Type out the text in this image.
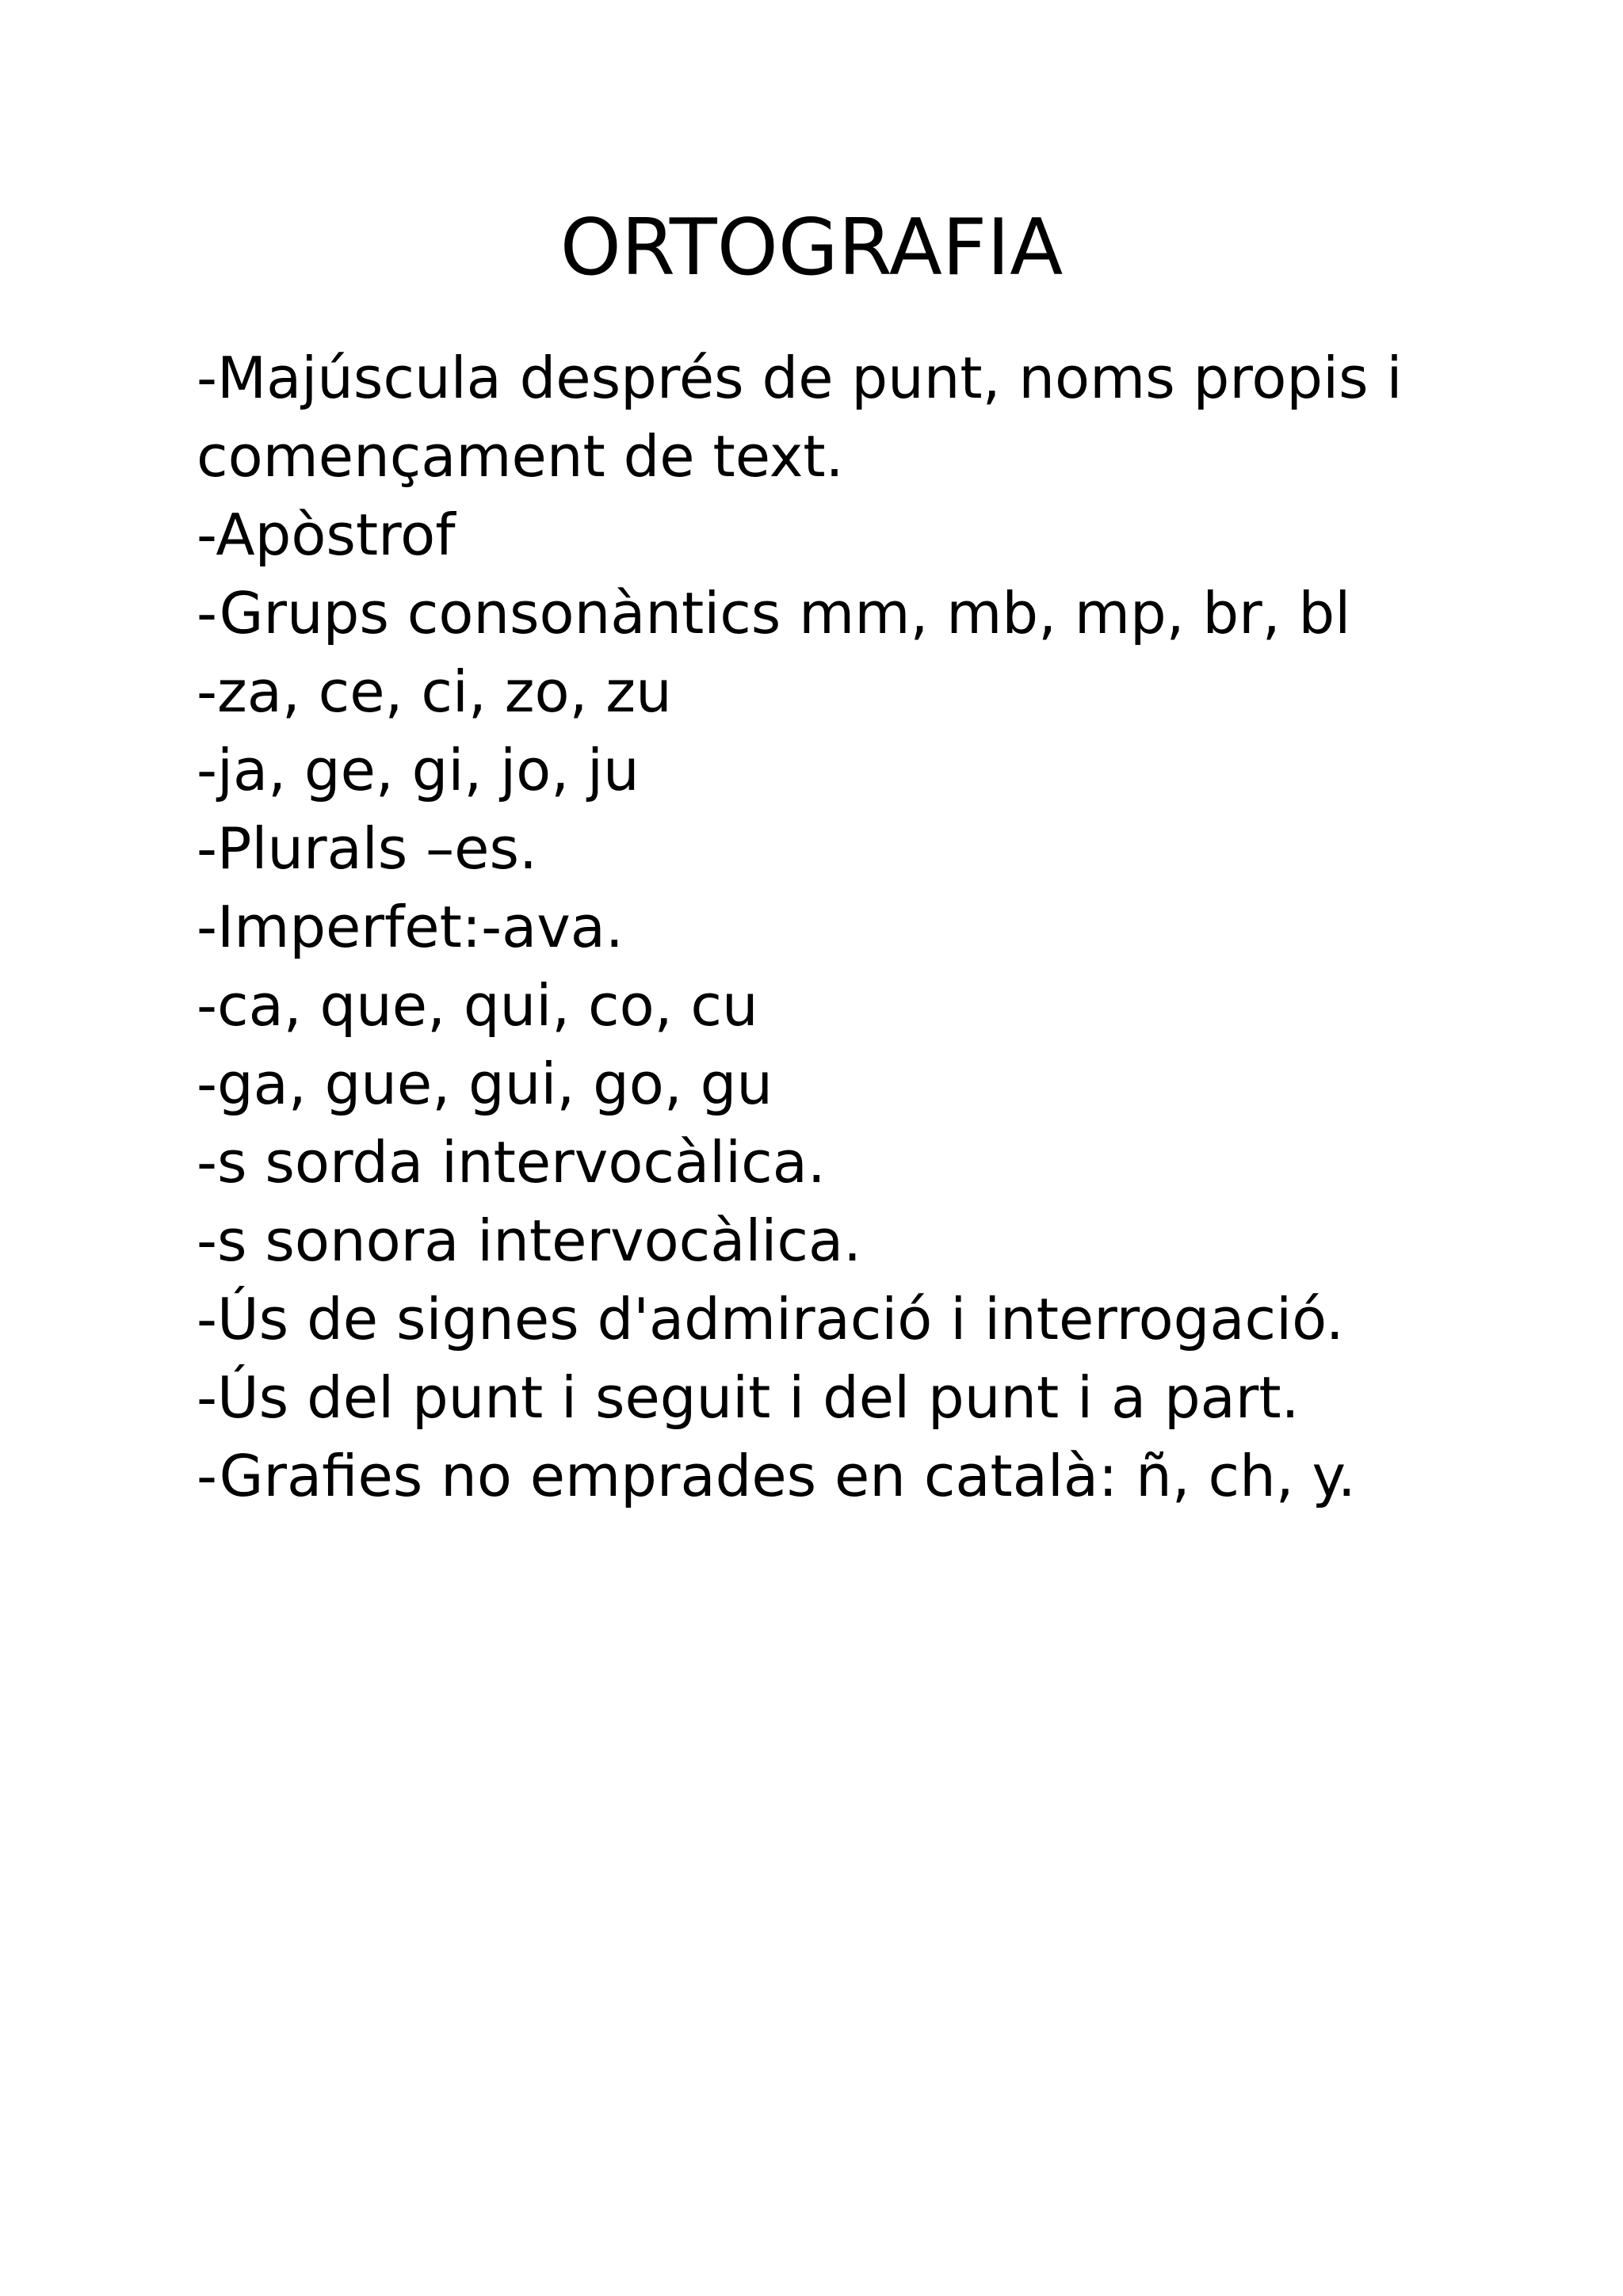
ORTOGRAFIA
-Majúscula després de punt, noms propis i
començament de text.
-Apòstrof
-Grups consonàntics mm, mb, mp, br, bl
-za, ce, ci, zo, zu
-ja, ge, gi, jo, ju
-Plurals –es.
-Imperfet:-ava.
-ca, que, qui, co, cu
-ga, gue, gui, go, gu
-s sorda intervocàlica.
-s sonora intervocàlica.
-Ús de signes d'admiració i interrogació.
-Ús del punt i seguit i del punt i a part.
-Grafies no emprades en català: ñ, ch, y.
